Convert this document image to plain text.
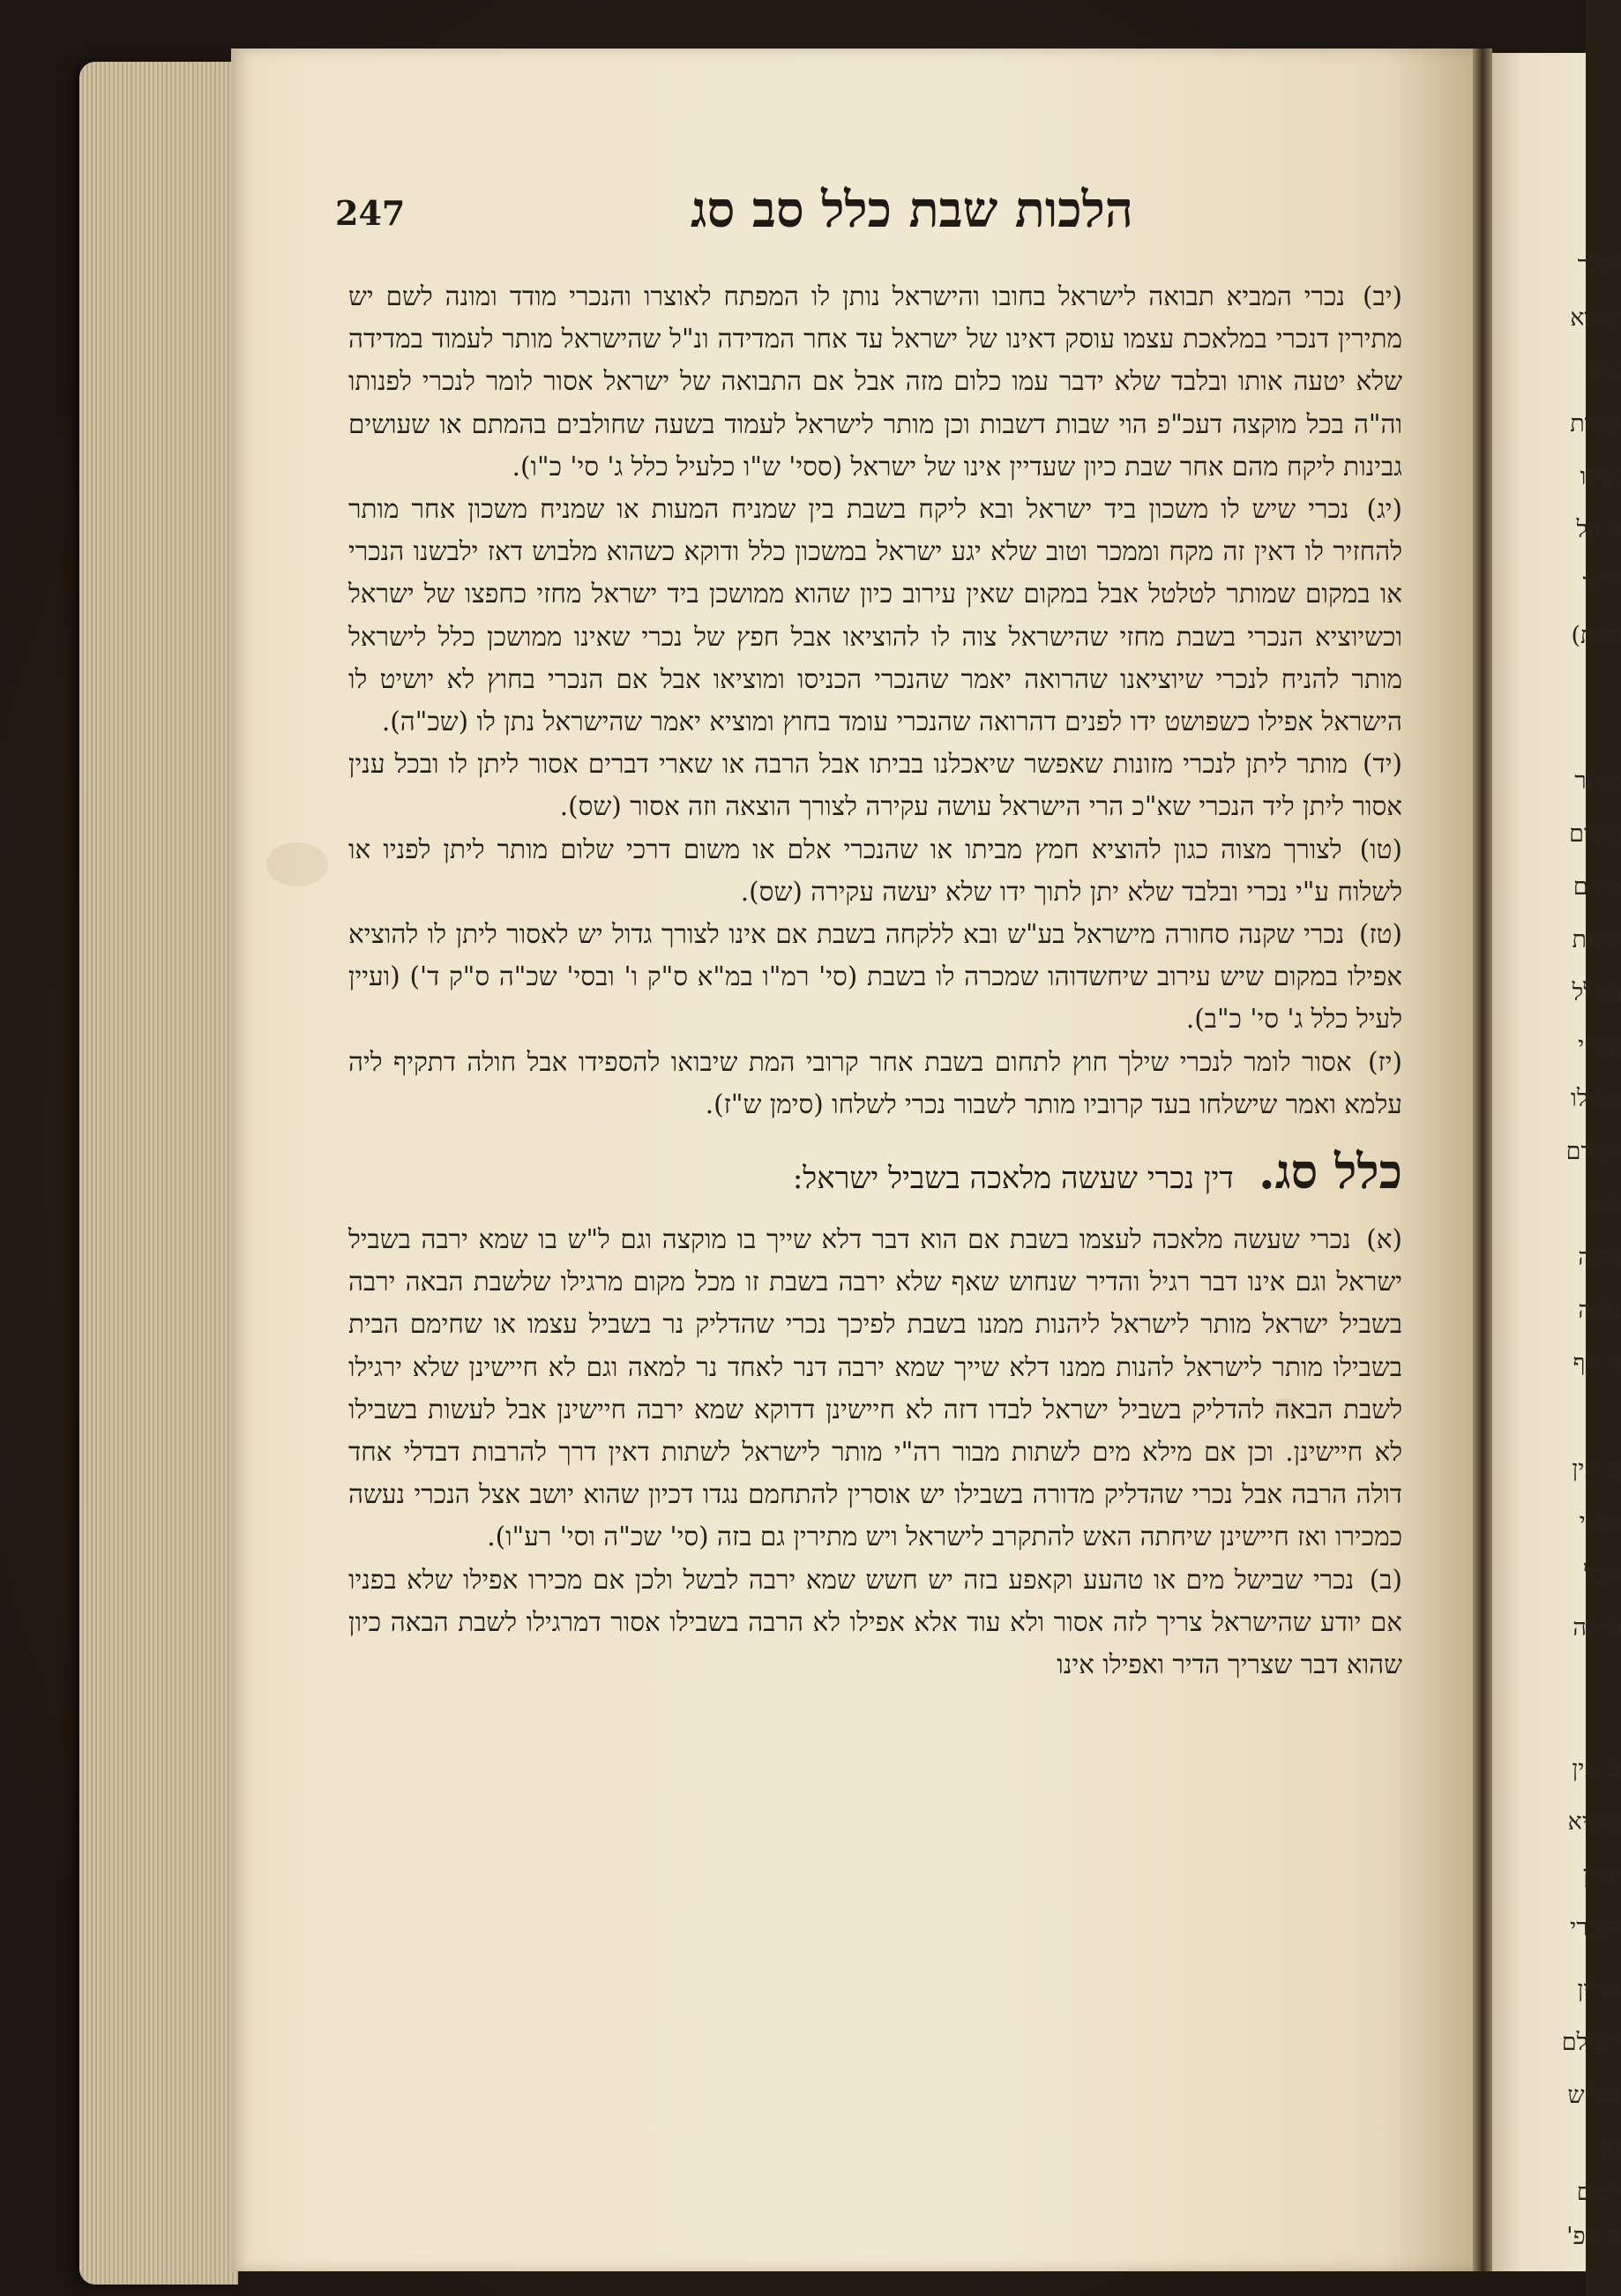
ותלך
שהוא
אינו
עשות
אותו
ף על
יראו
ספת)
מותר
משום
מקום
שבות
חפלל
עפ"י
אפילו
אמרם
כען
נהנה
נהנה
נו אף
ם אין
מהני
אבל
היתה
ם אין
מוציא
ועיין
הנכרי
חולין
העולם
במ"ש
ס).
רבים
ה אפ'
247	הלכות שבת כלל סב סג

(יב) נכרי המביא תבואה לישראל בחובו והישראל נותן לו המפתח לאוצרו והנכרי מודד ומונה לשם יש מתירין דנכרי במלאכת עצמו עוסק דאינו של ישראל עד אחר המדידה ונ"ל שהישראל מותר לעמוד במדידה שלא יטעה אותו ובלבד שלא ידבר עמו כלום מזה אבל אם התבואה של ישראל אסור לומר לנכרי לפנותו וה"ה בכל מוקצה דעכ"פ הוי שבות דשבות וכן מותר לישראל לעמוד בשעה שחולבים בהמתם או שעושים גבינות ליקח מהם אחר שבת כיון שעדיין אינו של ישראל (ססי' ש"ו כלעיל כלל ג' סי' כ"ו).

(יג) נכרי שיש לו משכון ביד ישראל ובא ליקח בשבת בין שמניח המעות או שמניח משכון אחר מותר להחזיר לו דאין זה מקח וממכר וטוב שלא יגע ישראל במשכון כלל ודוקא כשהוא מלבוש דאז ילבשנו הנכרי או במקום שמותר לטלטל אבל במקום שאין עירוב כיון שהוא ממושכן ביד ישראל מחזי כחפצו של ישראל וכשיוציא הנכרי בשבת מחזי שהישראל צוה לו להוציאו אבל חפץ של נכרי שאינו ממושכן כלל לישראל מותר להניח לנכרי שיוציאנו שהרואה יאמר שהנכרי הכניסו ומוציאו אבל אם הנכרי בחוץ לא יושיט לו הישראל אפילו כשפושט ידו לפנים דהרואה שהנכרי עומד בחוץ ומוציא יאמר שהישראל נתן לו (שכ"ה).

(יד) מותר ליתן לנכרי מזונות שאפשר שיאכלנו בביתו אבל הרבה או שארי דברים אסור ליתן לו ובכל ענין אסור ליתן ליד הנכרי שא"כ הרי הישראל עושה עקירה לצורך הוצאה וזה אסור (שס).

(טו) לצורך מצוה כגון להוציא חמץ מביתו או שהנכרי אלם או משום דרכי שלום מותר ליתן לפניו או לשלוח ע"י נכרי ובלבד שלא יתן לתוך ידו שלא יעשה עקירה (שס).

(טז) נכרי שקנה סחורה מישראל בע"ש ובא ללקחה בשבת אם אינו לצורך גדול יש לאסור ליתן לו להוציא אפילו במקום שיש עירוב שיחשדוהו שמכרה לו בשבת (סי' רמ"ו במ"א ס"ק ו' ובסי' שכ"ה ס"ק ד') (ועיין לעיל כלל ג' סי' כ"ב).

(יז) אסור לומר לנכרי שילך חוץ לתחום בשבת אחר קרובי המת שיבואו להספידו אבל חולה דתקיף ליה עלמא ואמר שישלחו בעד קרוביו מותר לשבור נכרי לשלחו (סימן ש"ז).

כלל סג.   דין נכרי שעשה מלאכה בשביל ישראל:

(א) נכרי שעשה מלאכה לעצמו בשבת אם הוא דבר דלא שייך בו מוקצה וגם ל"ש בו שמא ירבה בשביל ישראל וגם אינו דבר רגיל והדיר שנחוש שאף שלא ירבה בשבת זו מכל מקום מרגילו שלשבת הבאה ירבה בשביל ישראל מותר לישראל ליהנות ממנו בשבת לפיכך נכרי שהדליק נר בשביל עצמו או שחימם הבית בשבילו מותר לישראל להנות ממנו דלא שייך שמא ירבה דנר לאחד נר למאה וגם לא חיישינן שלא ירגילו לשבת הבאה להדליק בשביל ישראל לבדו דזה לא חיישינן דדוקא שמא ירבה חיישינן אבל לעשות בשבילו לא חיישינן. וכן אם מילא מים לשתות מבור רה"י מותר לישראל לשתות דאין דרך להרבות דבדלי אחד דולה הרבה אבל נכרי שהדליק מדורה בשבילו יש אוסרין להתחמם נגדו דכיון שהוא יושב אצל הנכרי נעשה כמכירו ואז חיישינן שיחתה האש להתקרב לישראל ויש מתירין גם בזה (סי' שכ"ה וסי' רע"ו).

(ב) נכרי שבישל מים או טהעע וקאפע בזה יש חשש שמא ירבה לבשל ולכן אם מכירו אפילו שלא בפניו אם יודע שהישראל צריך לזה אסור ולא עוד אלא אפילו לא הרבה בשבילו אסור דמרגילו לשבת הבאה כיון שהוא דבר שצריך הדיר ואפילו אינו
